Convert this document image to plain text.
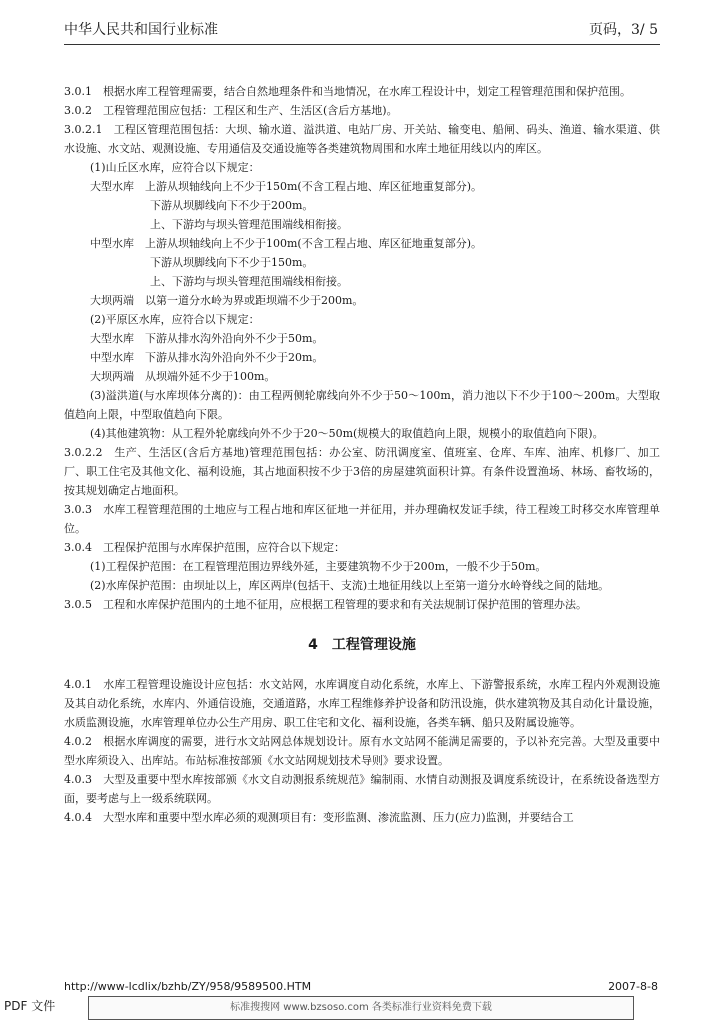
中华人民共和国行业标准	页码，3/ 5

3.0.1　根据水库工程管理需要，结合自然地理条件和当地情况，在水库工程设计中，划定工程管理范围和保护范围。

3.0.2　工程管理范围应包括：工程区和生产、生活区(含后方基地)。

3.0.2.1　工程区管理范围包括：大坝、输水道、溢洪道、电站厂房、开关站、输变电、船闸、码头、渔道、输水渠道、供水设施、水文站、观测设施、专用通信及交通设施等各类建筑物周围和水库土地征用线以内的库区。

(1)山丘区水库，应符合以下规定：

大型水库　上游从坝轴线向上不少于150m(不含工程占地、库区征地重复部分)。

下游从坝脚线向下不少于200m。

上、下游均与坝头管理范围端线相衔接。

中型水库　上游从坝轴线向上不少于100m(不含工程占地、库区征地重复部分)。

下游从坝脚线向下不少于150m。

上、下游均与坝头管理范围端线相衔接。

大坝两端　以第一道分水岭为界或距坝端不少于200m。

(2)平原区水库，应符合以下规定：

大型水库　下游从排水沟外沿向外不少于50m。

中型水库　下游从排水沟外沿向外不少于20m。

大坝两端　从坝端外延不少于100m。

(3)溢洪道(与水库坝体分离的)：由工程两侧轮廓线向外不少于50～100m，消力池以下不少于100～200m。大型取值趋向上限，中型取值趋向下限。

(4)其他建筑物：从工程外轮廓线向外不少于20～50m(规模大的取值趋向上限，规模小的取值趋向下限)。

3.0.2.2　生产、生活区(含后方基地)管理范围包括：办公室、防汛调度室、值班室、仓库、车库、油库、机修厂、加工厂、职工住宅及其他文化、福利设施，其占地面积按不少于3倍的房屋建筑面积计算。有条件设置渔场、林场、畜牧场的，按其规划确定占地面积。

3.0.3　水库工程管理范围的土地应与工程占地和库区征地一并征用，并办理确权发证手续，待工程竣工时移交水库管理单位。

3.0.4　工程保护范围与水库保护范围，应符合以下规定：

(1)工程保护范围：在工程管理范围边界线外延，主要建筑物不少于200m，一般不少于50m。

(2)水库保护范围：由坝址以上，库区两岸(包括干、支流)土地征用线以上至第一道分水岭脊线之间的陆地。

3.0.5　工程和水库保护范围内的土地不征用，应根据工程管理的要求和有关法规制订保护范围的管理办法。

4　工程管理设施

4.0.1　水库工程管理设施设计应包括：水文站网，水库调度自动化系统，水库上、下游警报系统，水库工程内外观测设施及其自动化系统，水库内、外通信设施，交通道路，水库工程维修养护设备和防汛设施，供水建筑物及其自动化计量设施，水质监测设施，水库管理单位办公生产用房、职工住宅和文化、福利设施，各类车辆、船只及附属设施等。

4.0.2　根据水库调度的需要，进行水文站网总体规划设计。原有水文站网不能满足需要的，予以补充完善。大型及重要中型水库须设入、出库站。布站标准按部颁《水文站网规划技术导则》要求设置。

4.0.3　大型及重要中型水库按部颁《水文自动测报系统规范》编制雨、水情自动测报及调度系统设计，在系统设备选型方面，要考虑与上一级系统联网。

4.0.4　大型水库和重要中型水库必须的观测项目有：变形监测、渗流监测、压力(应力)监测，并要结合工

http://www-lcdlix/bzhb/ZY/958/9589500.HTM	2007-8-8
PDF 文件	标准搜搜网 www.bzsoso.com 各类标准行业资料免费下载
